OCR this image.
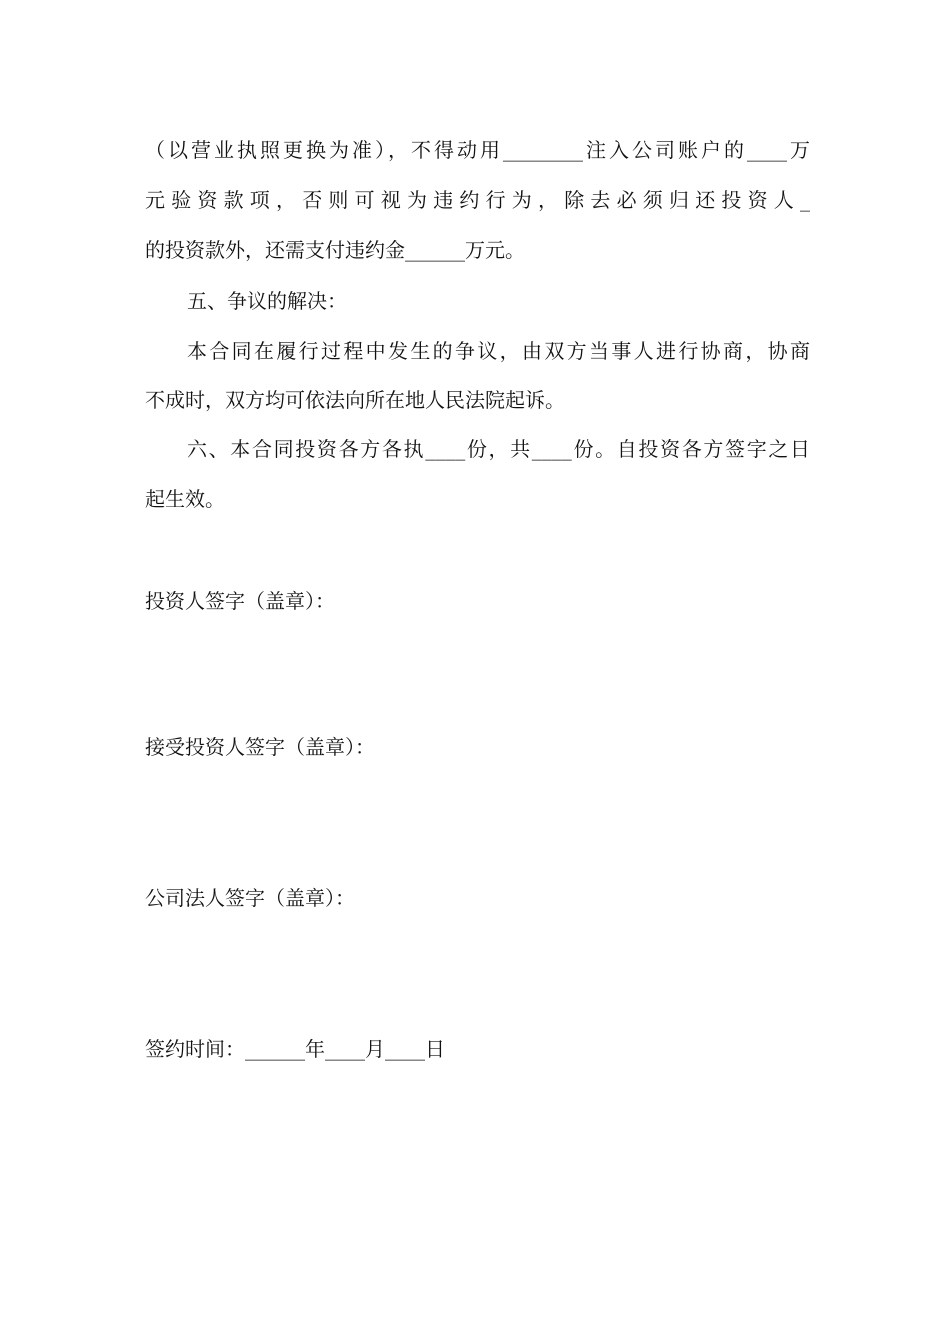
（以营业执照更换为准），不得动用________注入公司账户的____万
元验资款项，否则可视为违约行为，除去必须归还投资人_
的投资款外，还需支付违约金______万元。
五、争议的解决：
本合同在履行过程中发生的争议，由双方当事人进行协商，协商
不成时，双方均可依法向所在地人民法院起诉。
六、本合同投资各方各执____份，共____份。自投资各方签字之日
起生效。
投资人签字（盖章）：
接受投资人签字（盖章）：
公司法人签字（盖章）：
签约时间：______年____月____日
